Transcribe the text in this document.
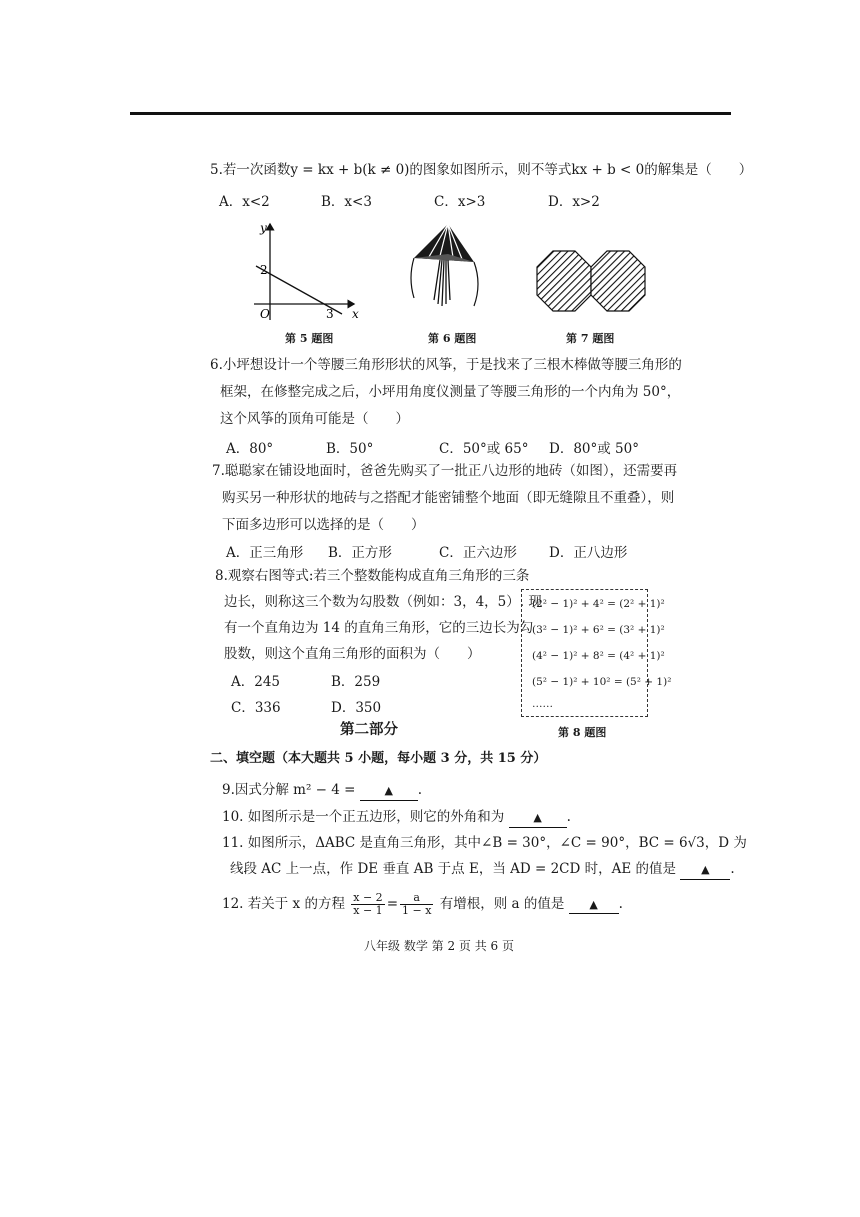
5.若一次函数y = kx + b(k ≠ 0)的图象如图所示，则不等式kx + b < 0的解集是（　　）
A．x<2	B．x<3	C．x>3	D．x>2
y
x
O
2
3
第 5 题图	第 6 题图	第 7 题图
6.小坪想设计一个等腰三角形形状的风筝，于是找来了三根木棒做等腰三角形的
框架，在修整完成之后，小坪用角度仪测量了等腰三角形的一个内角为 50°，
这个风筝的顶角可能是（　　）
A．80°	B．50°	C．50°或 65° D．80°或 50°
7.聪聪家在铺设地面时，爸爸先购买了一批正八边形的地砖（如图），还需要再
购买另一种形状的地砖与之搭配才能密铺整个地面（即无缝隙且不重叠），则
下面多边形可以选择的是（　　）
A．正三角形 B．正方形	C．正六边形 D．正八边形
8.观察右图等式:若三个整数能构成直角三角形的三条
边长，则称这三个数为勾股数（例如：3，4，5）. 现
有一个直角边为 14 的直角三角形，它的三边长为勾
股数，则这个直角三角形的面积为（　　）
A．245	B．259
C．336	D．350
(2² − 1)² + 4² = (2² + 1)²
(3² − 1)² + 6² = (3² + 1)²
(4² − 1)² + 8² = (4² + 1)²
(5² − 1)² + 10² = (5² + 1)²
……
第 8 题图
第二部分
二、填空题（本大题共 5 小题，每小题 3 分，共 15 分）
9.因式分解 m² − 4 =	▲ .
10. 如图所示是一个正五边形，则它的外角和为	▲ .
11. 如图所示，ΔABC 是直角三角形，其中∠B = 30°，∠C = 90°，BC = 6√3，D 为
线段 AC 上一点，作 DE 垂直 AB 于点 E，当 AD = 2CD 时，AE 的值是 ▲ .
12. 若关于 x 的方程 $\frac{x - 2}{x - 1} = \frac{a}{1 - x}$ 有增根，则 a 的值是 ▲ .
八年级 数学 第 2 页 共 6 页
